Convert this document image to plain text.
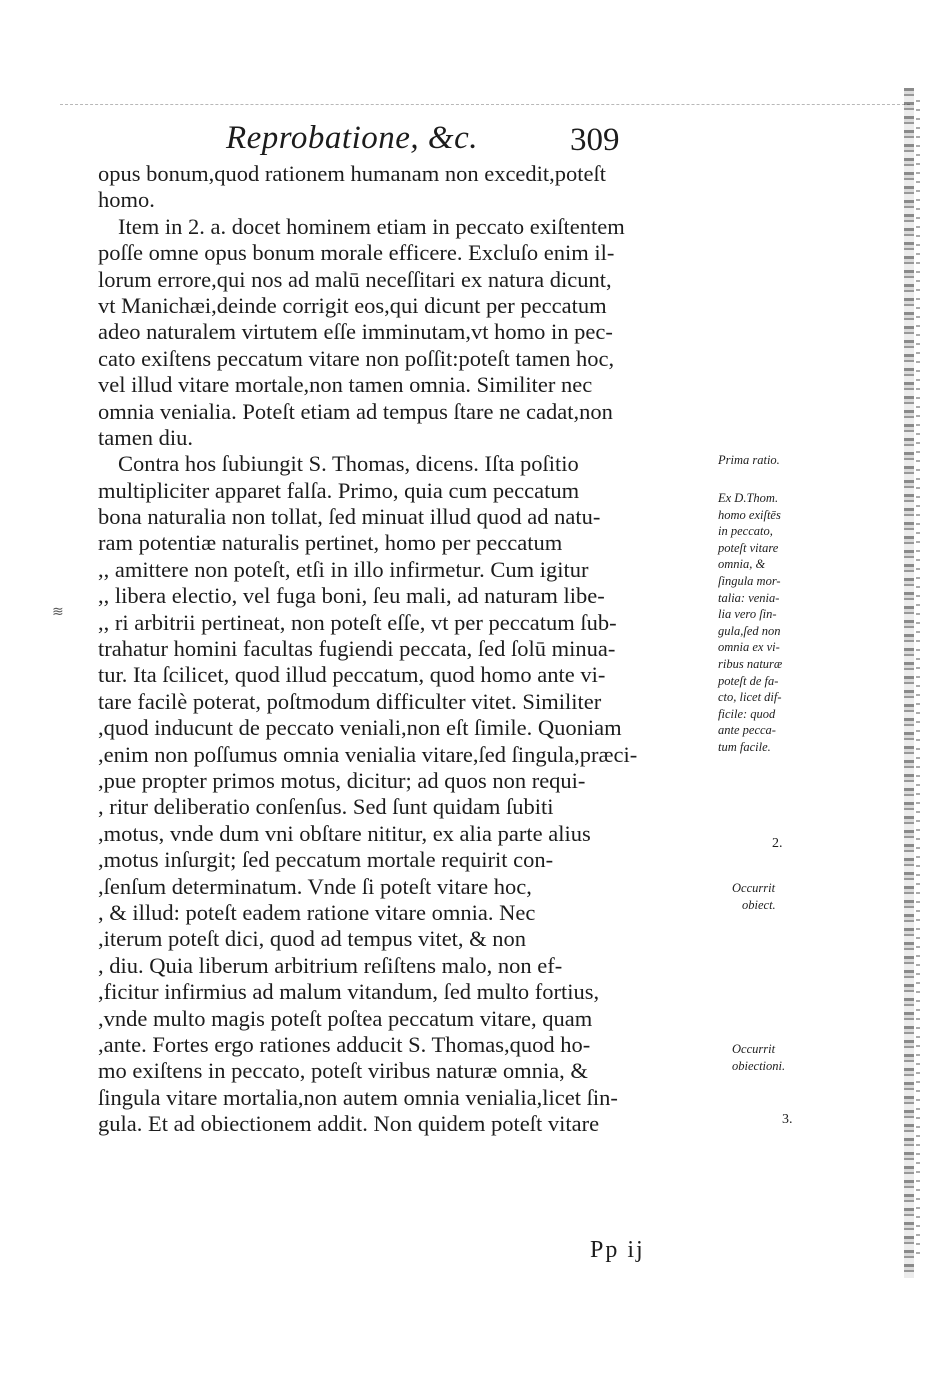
Reprobatione, &c.	309
opus bonum,quod rationem humanam non excedit,poteſt
homo.
Item in 2. a. docet hominem etiam in peccato exiſtentem
poſſe omne opus bonum morale efficere. Excluſo enim il-
lorum errore,qui nos ad malū neceſſitari ex natura dicunt,
vt Manichæi,deinde corrigit eos,qui dicunt per peccatum
adeo naturalem virtutem eſſe imminutam,vt homo in pec-
cato exiſtens peccatum vitare non poſſit:poteſt tamen hoc,
vel illud vitare mortale,non tamen omnia. Similiter nec
omnia venialia. Poteſt etiam ad tempus ſtare ne cadat,non
tamen diu.
Contra hos ſubiungit S. Thomas, dicens. Iſta poſitio
multipliciter apparet falſa. Primo, quia cum peccatum
bona naturalia non tollat, ſed minuat illud quod ad natu-
ram potentiæ naturalis pertinet, homo per peccatum
,, amittere non poteſt, etſi in illo infirmetur. Cum igitur
,, libera electio, vel fuga boni, ſeu mali, ad naturam libe-
,, ri arbitrii pertineat, non poteſt eſſe, vt per peccatum ſub-
trahatur homini facultas fugiendi peccata, ſed ſolū minua-
tur. Ita ſcilicet, quod illud peccatum, quod homo ante vi-
tare facilè poterat, poſtmodum difficulter vitet. Similiter
,quod inducunt de peccato veniali,non eſt ſimile. Quoniam
,enim non poſſumus omnia venialia vitare,ſed ſingula,præci-
,pue propter primos motus, dicitur; ad quos non requi-
, ritur deliberatio conſenſus. Sed ſunt quidam ſubiti
,motus, vnde dum vni obſtare nititur, ex alia parte alius
,motus inſurgit; ſed peccatum mortale requirit con-
,ſenſum determinatum. Vnde ſi poteſt vitare hoc,
, & illud: poteſt eadem ratione vitare omnia. Nec
,iterum poteſt dici, quod ad tempus vitet, & non
, diu. Quia liberum arbitrium reſiſtens malo, non ef-
,ficitur infirmius ad malum vitandum, ſed multo fortius,
,vnde multo magis poteſt poſtea peccatum vitare, quam
,ante. Fortes ergo rationes adducit S. Thomas,quod ho-
mo exiſtens in peccato, poteſt viribus naturæ omnia, &
ſingula vitare mortalia,non autem omnia venialia,licet ſin-
gula. Et ad obiectionem addit. Non quidem poteſt vitare
Prima ratio.
Ex D.Thom.
homo exiſtēs
in peccato,
poteſt vitare
omnia, &
ſingula mor-
talia: venia-
lia vero ſin-
gula,ſed non
omnia ex vi-
ribus naturæ
poteſt de fa-
cto, licet dif-
ficile: quod
ante pecca-
tum facile.
2.
Occurrit
obiect.
Occurrit
obiectioni.
3.
≋
Pp ij
